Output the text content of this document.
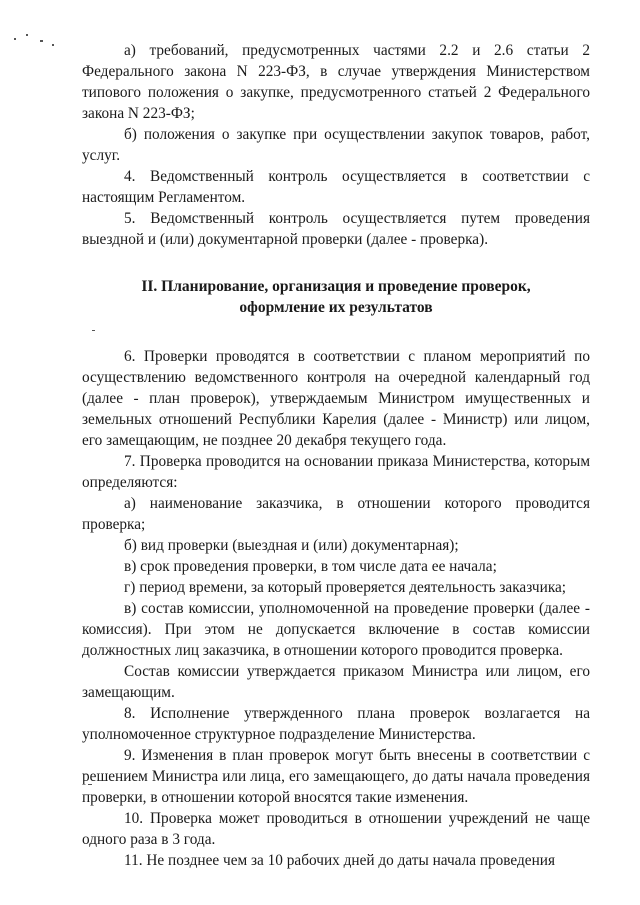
а) требований, предусмотренных частями 2.2 и 2.6 статьи 2 Федерального закона N 223-ФЗ, в случае утверждения Министерством типового положения о закупке, предусмотренного статьей 2 Федерального закона N 223-ФЗ;

б) положения о закупке при осуществлении закупок товаров, работ, услуг.

4. Ведомственный контроль осуществляется в соответствии с настоящим Регламентом.

5. Ведомственный контроль осуществляется путем проведения выездной и (или) документарной проверки (далее - проверка).

II. Планирование, организация и проведение проверок, оформление их результатов

6. Проверки проводятся в соответствии с планом мероприятий по осуществлению ведомственного контроля на очередной календарный год (далее - план проверок), утверждаемым Министром имущественных и земельных отношений Республики Карелия (далее - Министр) или лицом, его замещающим, не позднее 20 декабря текущего года.

7. Проверка проводится на основании приказа Министерства, которым определяются:

а) наименование заказчика, в отношении которого проводится проверка;

б) вид проверки (выездная и (или) документарная);

в) срок проведения проверки, в том числе дата ее начала;

г) период времени, за который проверяется деятельность заказчика;

в) состав комиссии, уполномоченной на проведение проверки (далее - комиссия). При этом не допускается включение в состав комиссии должностных лиц заказчика, в отношении которого проводится проверка.

Состав комиссии утверждается приказом Министра или лицом, его замещающим.

8. Исполнение утвержденного плана проверок возлагается на уполномоченное структурное подразделение Министерства.

9. Изменения в план проверок могут быть внесены в соответствии с решением Министра или лица, его замещающего, до даты начала проведения проверки, в отношении которой вносятся такие изменения.

10. Проверка может проводиться в отношении учреждений не чаще одного раза в 3 года.

11. Не позднее чем за 10 рабочих дней до даты начала проведения
